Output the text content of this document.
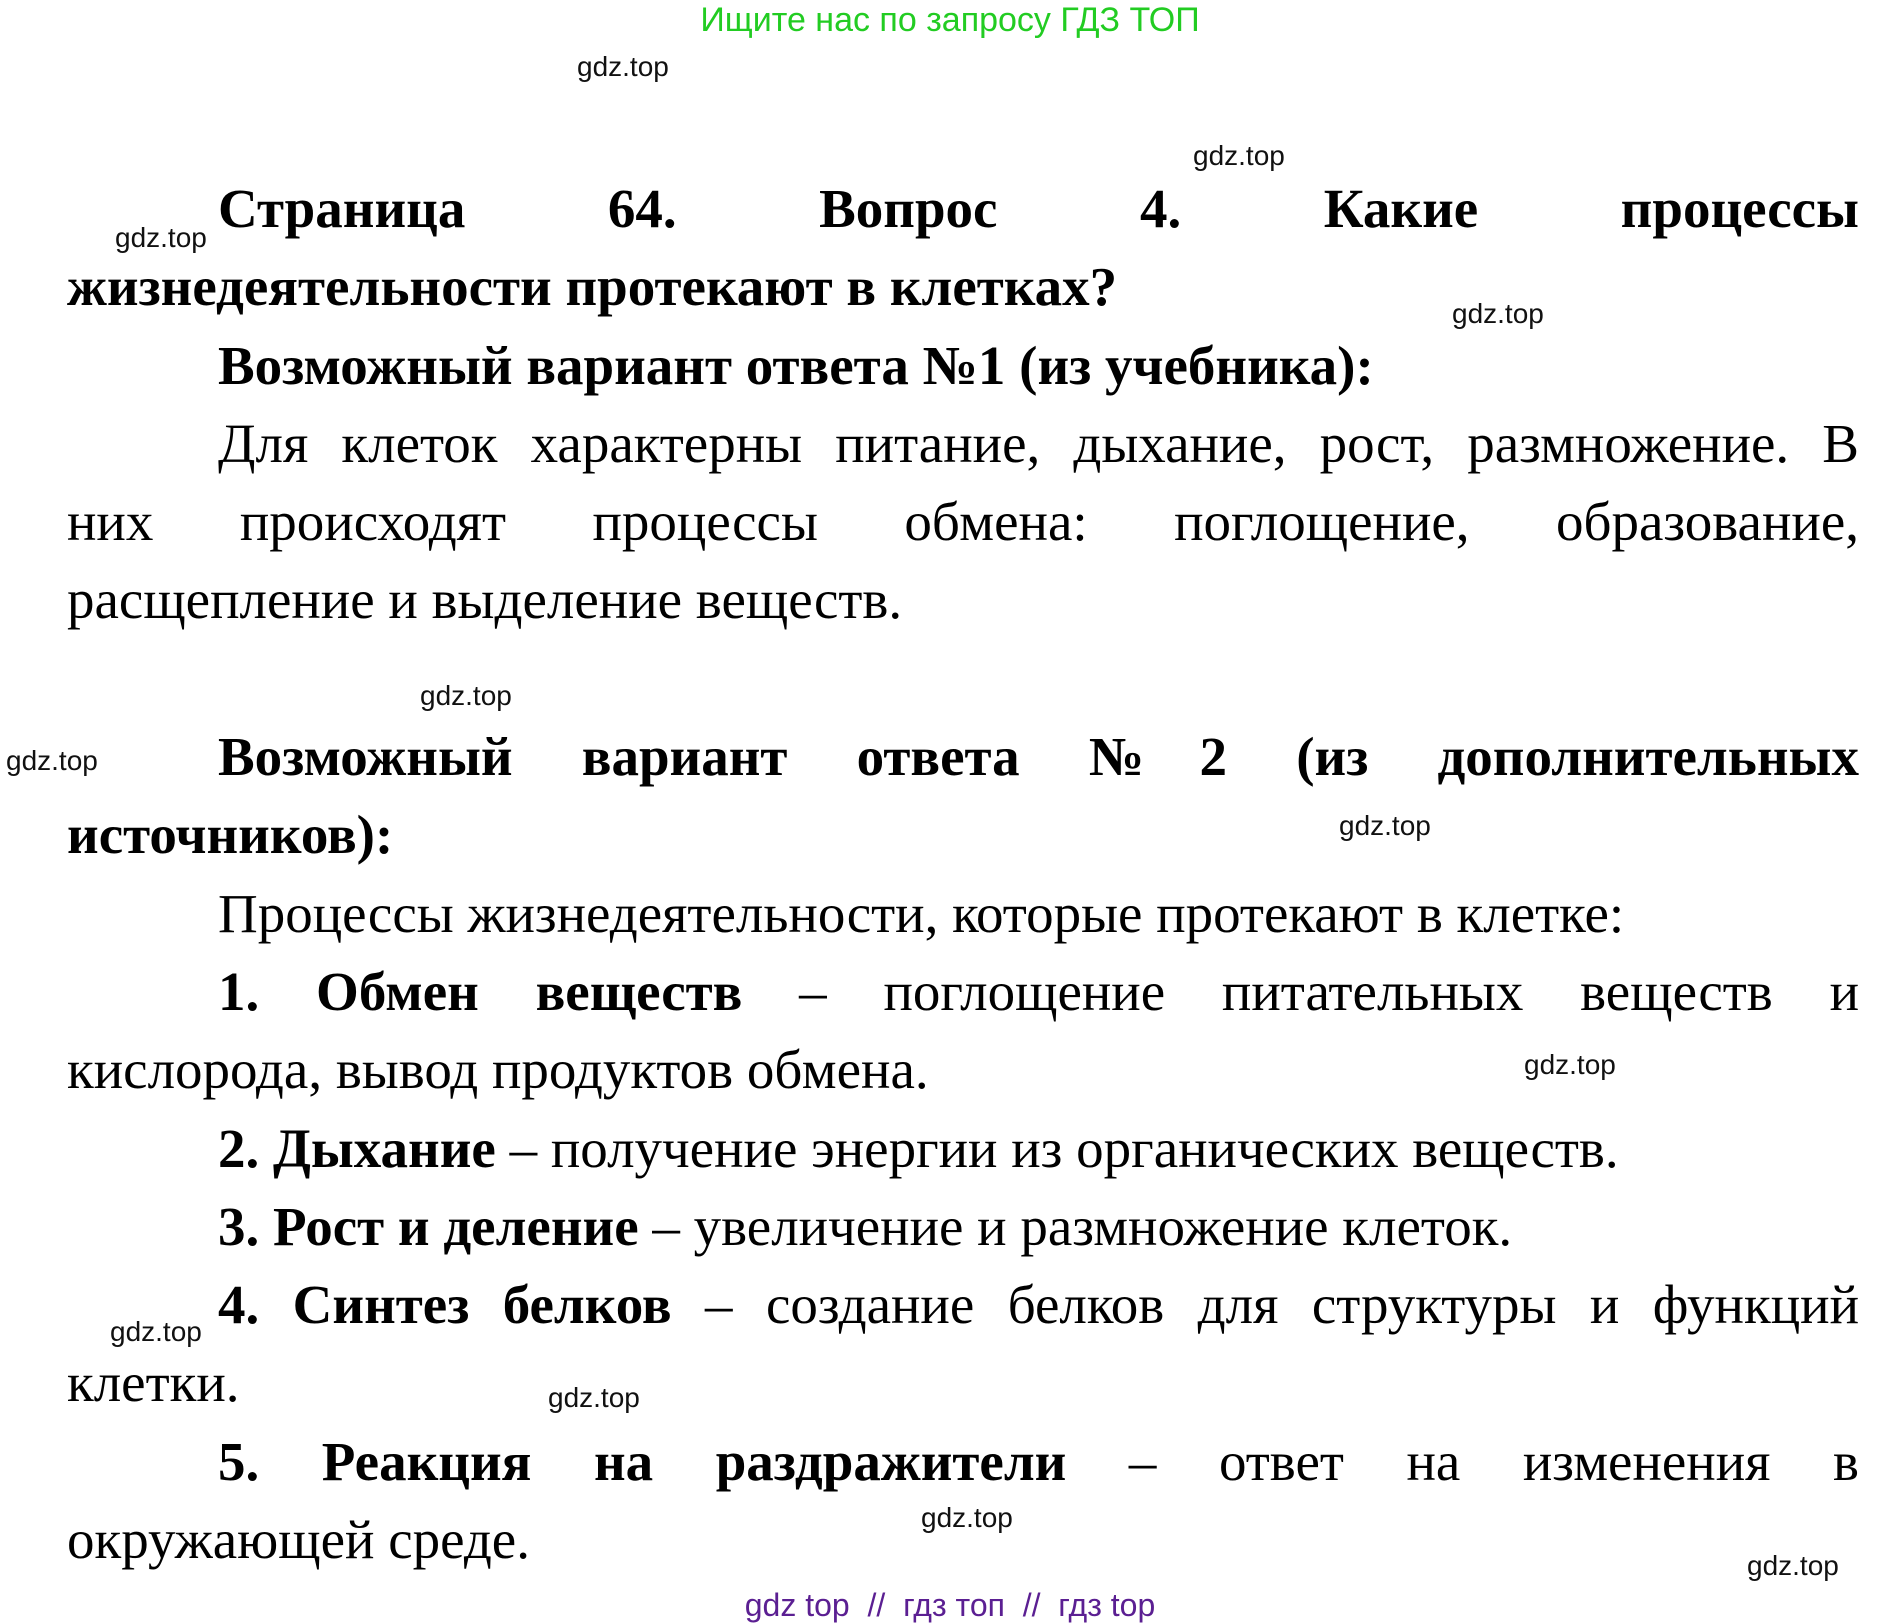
Ищите нас по запросу ГДЗ ТОП
gdz.top
gdz.top
gdz.top
gdz.top
gdz.top
gdz.top
gdz.top
gdz.top
gdz.top
gdz.top
gdz.top
gdz.top
Страница 64. Вопрос 4. Какие процессы
жизнедеятельности протекают в клетках?
Возможный вариант ответа №1 (из учебника):
Для клеток характерны питание, дыхание, рост, размножение. В
них происходят процессы обмена: поглощение, образование,
расщепление и выделение веществ.
Возможный вариант ответа №2 (из дополнительных
источников):
Процессы жизнедеятельности, которые протекают в клетке:
1. Обмен веществ – поглощение питательных веществ и
кислорода, вывод продуктов обмена.
2. Дыхание – получение энергии из органических веществ.
3. Рост и деление – увеличение и размножение клеток.
4. Синтез белков – создание белков для структуры и функций
клетки.
5. Реакция на раздражители – ответ на изменения в
окружающей среде.
gdz top  //  гдз топ  //  гдз top
